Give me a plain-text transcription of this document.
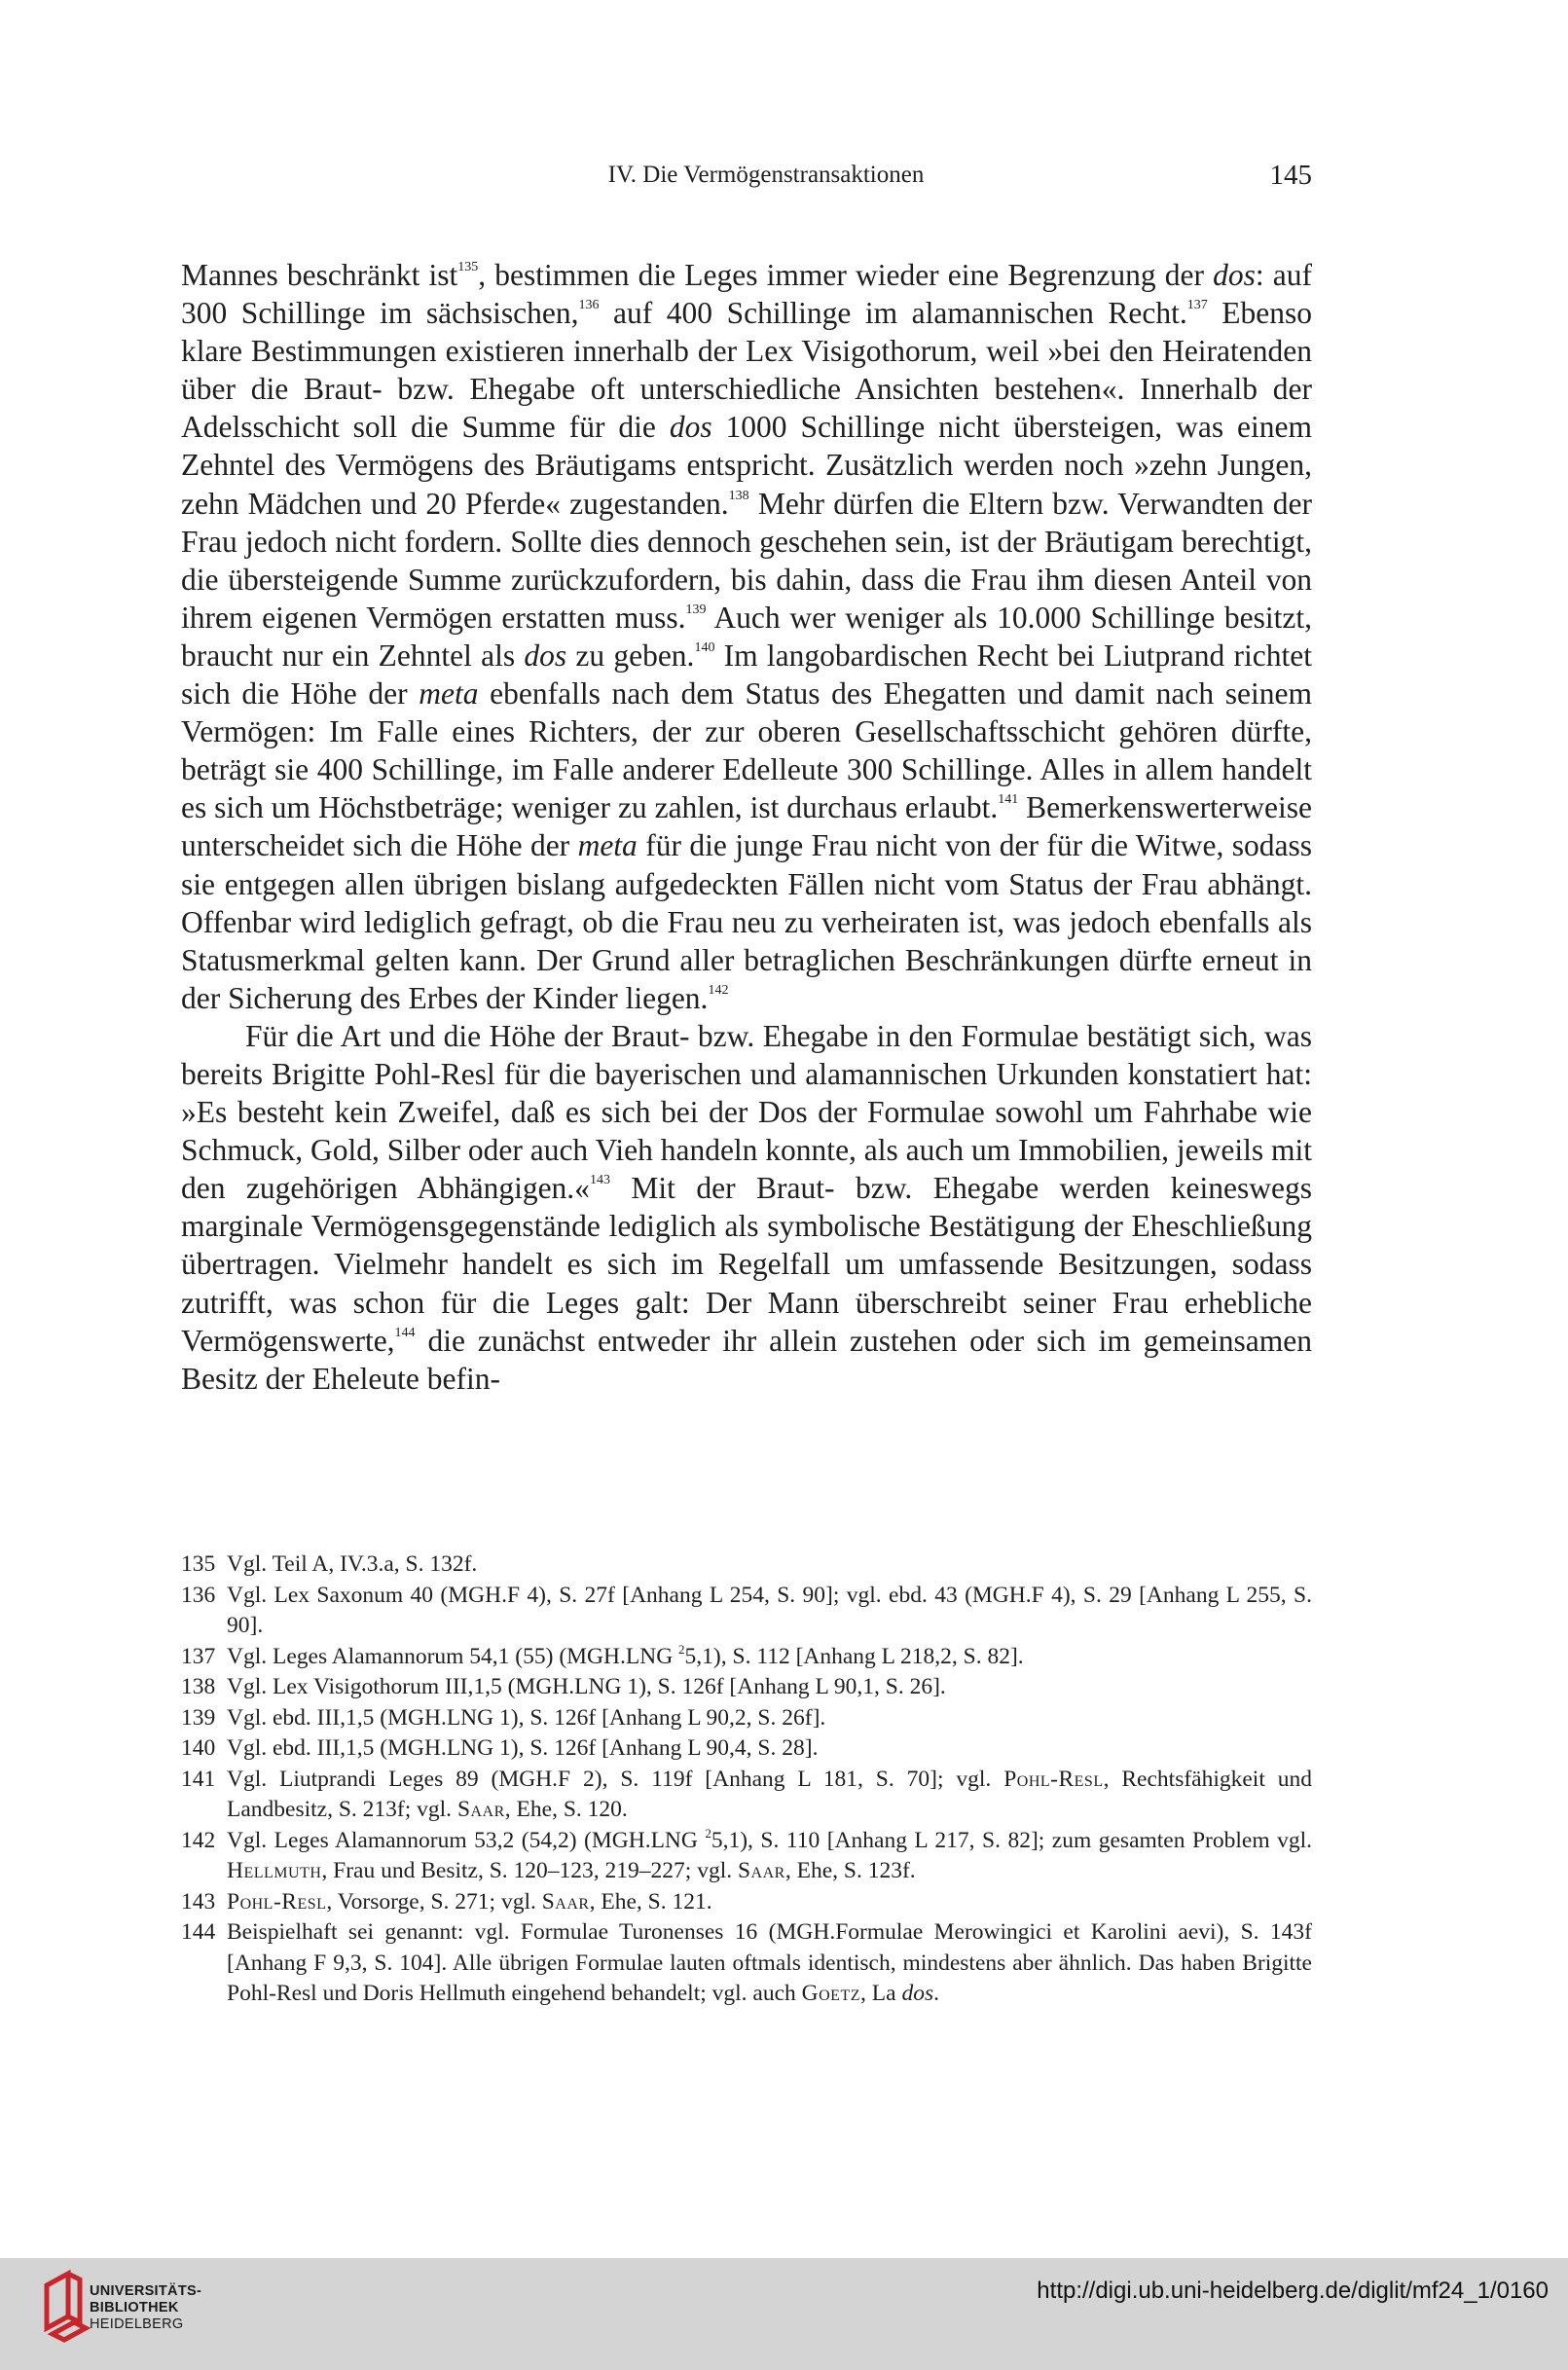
IV. Die Vermögenstransaktionen	145

Mannes beschränkt ist$^{135}$, bestimmen die Leges immer wieder eine Begrenzung der dos: auf 300 Schillinge im sächsischen,$^{136}$ auf 400 Schillinge im alamannischen Recht.$^{137}$ Ebenso klare Bestimmungen existieren innerhalb der Lex Visigothorum, weil »bei den Heiratenden über die Braut- bzw. Ehegabe oft unterschiedliche Ansichten bestehen«. Innerhalb der Adelsschicht soll die Summe für die dos 1000 Schillinge nicht übersteigen, was einem Zehntel des Vermögens des Bräutigams entspricht. Zusätzlich werden noch »zehn Jungen, zehn Mädchen und 20 Pferde« zugestanden.$^{138}$ Mehr dürfen die Eltern bzw. Verwandten der Frau jedoch nicht fordern. Sollte dies dennoch geschehen sein, ist der Bräutigam berechtigt, die übersteigende Summe zurückzufordern, bis dahin, dass die Frau ihm diesen Anteil von ihrem eigenen Vermögen erstatten muss.$^{139}$ Auch wer weniger als 10.000 Schillinge besitzt, braucht nur ein Zehntel als dos zu geben.$^{140}$ Im langobardischen Recht bei Liutprand richtet sich die Höhe der meta ebenfalls nach dem Status des Ehegatten und damit nach seinem Vermögen: Im Falle eines Richters, der zur oberen Gesellschaftsschicht gehören dürfte, beträgt sie 400 Schillinge, im Falle anderer Edelleute 300 Schillinge. Alles in allem handelt es sich um Höchstbeträge; weniger zu zahlen, ist durchaus erlaubt.$^{141}$ Bemerkenswerterweise unterscheidet sich die Höhe der meta für die junge Frau nicht von der für die Witwe, sodass sie entgegen allen übrigen bislang aufgedeckten Fällen nicht vom Status der Frau abhängt. Offenbar wird lediglich gefragt, ob die Frau neu zu verheiraten ist, was jedoch ebenfalls als Statusmerkmal gelten kann. Der Grund aller betraglichen Beschränkungen dürfte erneut in der Sicherung des Erbes der Kinder liegen.$^{142}$

Für die Art und die Höhe der Braut- bzw. Ehegabe in den Formulae bestätigt sich, was bereits Brigitte Pohl-Resl für die bayerischen und alamannischen Urkunden konstatiert hat: »Es besteht kein Zweifel, daß es sich bei der Dos der Formulae sowohl um Fahrhabe wie Schmuck, Gold, Silber oder auch Vieh handeln konnte, als auch um Immobilien, jeweils mit den zugehörigen Abhängigen.«$^{143}$ Mit der Braut- bzw. Ehegabe werden keineswegs marginale Vermögensgegenstände lediglich als symbolische Bestätigung der Eheschließung übertragen. Vielmehr handelt es sich im Regelfall um umfassende Besitzungen, sodass zutrifft, was schon für die Leges galt: Der Mann überschreibt seiner Frau erhebliche Vermögenswerte,$^{144}$ die zunächst entweder ihr allein zustehen oder sich im gemeinsamen Besitz der Eheleute befin-

135 Vgl. Teil A, IV.3.a, S. 132f.

136 Vgl. Lex Saxonum 40 (MGH.F 4), S. 27f [Anhang L 254, S. 90]; vgl. ebd. 43 (MGH.F 4), S. 29 [Anhang L 255, S. 90].

137 Vgl. Leges Alamannorum 54,1 (55) (MGH.LNG $^2$5,1), S. 112 [Anhang L 218,2, S. 82].

138 Vgl. Lex Visigothorum III,1,5 (MGH.LNG 1), S. 126f [Anhang L 90,1, S. 26].

139 Vgl. ebd. III,1,5 (MGH.LNG 1), S. 126f [Anhang L 90,2, S. 26f].

140 Vgl. ebd. III,1,5 (MGH.LNG 1), S. 126f [Anhang L 90,4, S. 28].

141 Vgl. Liutprandi Leges 89 (MGH.F 2), S. 119f [Anhang L 181, S. 70]; vgl. Pohl-Resl, Rechtsfähigkeit und Landbesitz, S. 213f; vgl. Saar, Ehe, S. 120.

142 Vgl. Leges Alamannorum 53,2 (54,2) (MGH.LNG $^2$5,1), S. 110 [Anhang L 217, S. 82]; zum gesamten Problem vgl. Hellmuth, Frau und Besitz, S. 120–123, 219–227; vgl. Saar, Ehe, S. 123f.

143 Pohl-Resl, Vorsorge, S. 271; vgl. Saar, Ehe, S. 121.

144 Beispielhaft sei genannt: vgl. Formulae Turonenses 16 (MGH.Formulae Merowingici et Karolini aevi), S. 143f [Anhang F 9,3, S. 104]. Alle übrigen Formulae lauten oftmals identisch, mindestens aber ähnlich. Das haben Brigitte Pohl-Resl und Doris Hellmuth eingehend behandelt; vgl. auch Goetz, La dos.

UNIVERSITÄTS-
BIBLIOTHEK
HEIDELBERG
http://digi.ub.uni-heidelberg.de/diglit/mf24_1/0160
